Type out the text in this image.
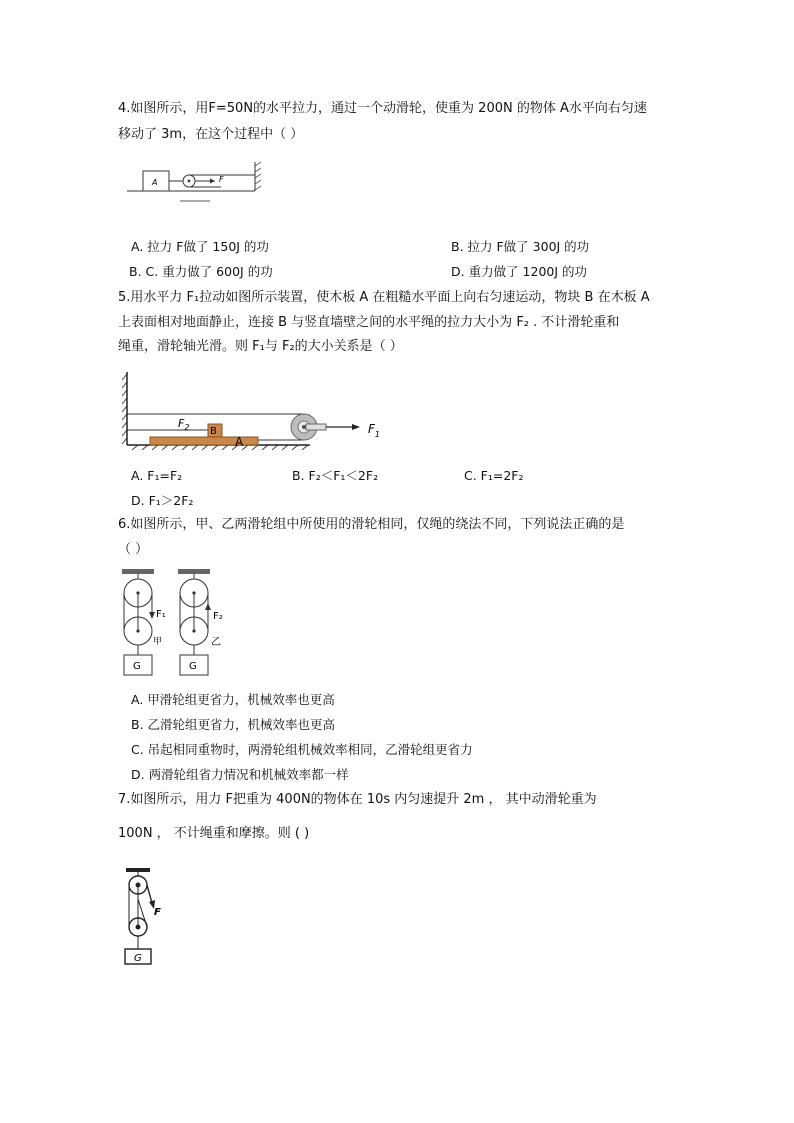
4.如图所示，用F=50N的水平拉力，通过一个动滑轮，使重为 200N 的物体 A水平向右匀速
移动了 3m，在这个过程中（ ）
A	F
A. 拉力 F做了 150J 的功	B. 拉力 F做了 300J 的功
B. C. 重力做了 600J 的功	D. 重力做了 1200J 的功
5.用水平力 F₁拉动如图所示装置，使木板 A 在粗糙水平面上向右匀速运动，物块 B 在木板 A
上表面相对地面静止，连接 B 与竖直墙壁之间的水平绳的拉力大小为 F₂ . 不计滑轮重和
绳重，滑轮轴光滑。则 F₁与 F₂的大小关系是（ ）
A
B
$F_2$	$F_1$
A. F₁=F₂	B. F₂＜F₁＜2F₂	C. F₁=2F₂
D. F₁＞2F₂
6.如图所示，甲、乙两滑轮组中所使用的滑轮相同，仅绳的绕法不同，下列说法正确的是
（ ）
F₁
甲
G
F₂
乙
G
A. 甲滑轮组更省力，机械效率也更高
B. 乙滑轮组更省力，机械效率也更高
C. 吊起相同重物时，两滑轮组机械效率相同，乙滑轮组更省力
D. 两滑轮组省力情况和机械效率都一样
7.如图所示，用力 F把重为 400N的物体在 10s 内匀速提升 2m ， 其中动滑轮重为
100N ， 不计绳重和摩擦。则 ( )
F
G
